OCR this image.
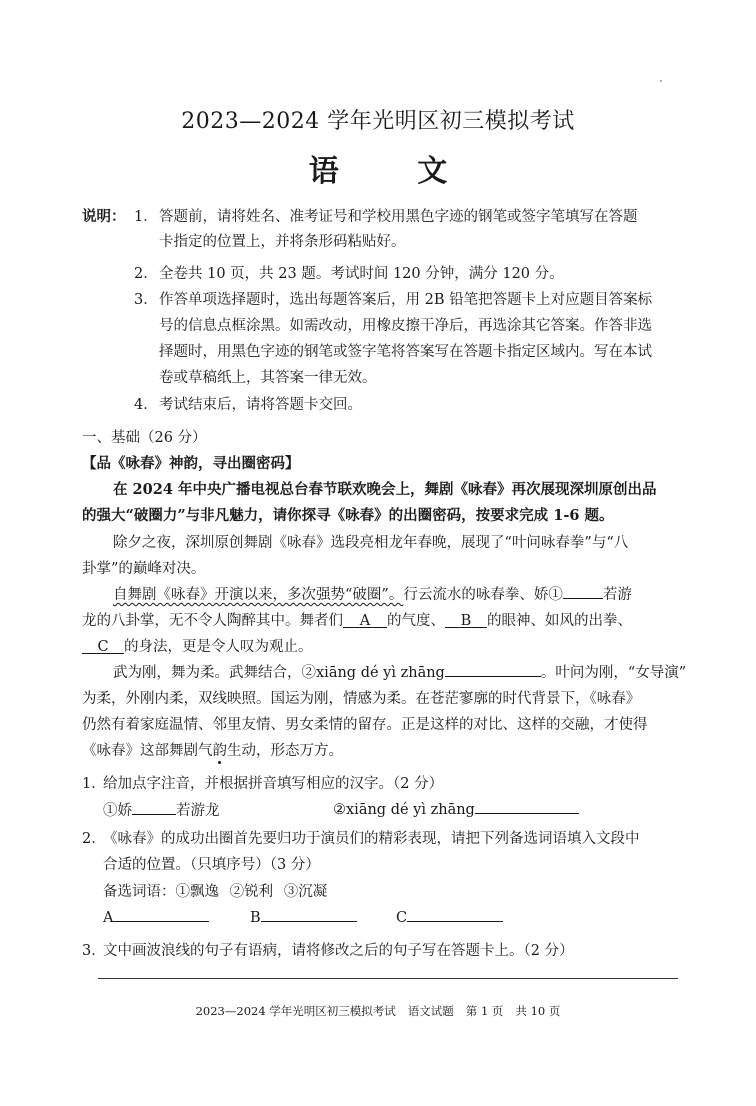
2023—2024 学年光明区初三模拟考试
语 文
说明： 1． 答题前，请将姓名、准考证号和学校用黑色字迹的钢笔或签字笔填写在答题
卡指定的位置上，并将条形码粘贴好。
2． 全卷共 10 页，共 23 题。考试时间 120 分钟，满分 120 分。
3． 作答单项选择题时，选出每题答案后，用 2B 铅笔把答题卡上对应题目答案标
号的信息点框涂黑。如需改动，用橡皮擦干净后，再选涂其它答案。作答非选
择题时，用黑色字迹的钢笔或签字笔将答案写在答题卡指定区域内。写在本试
卷或草稿纸上，其答案一律无效。
4． 考试结束后，请将答题卡交回。
一、基础（26 分）
【品《咏春》神韵，寻出圈密码】
在 2024 年中央广播电视总台春节联欢晚会上，舞剧《咏春》再次展现深圳原创出品
的强大“破圈力”与非凡魅力，请你探寻《咏春》的出圈密码，按要求完成 1-6 题。
除夕之夜，深圳原创舞剧《咏春》选段亮相龙年春晚，展现了“叶问咏春拳”与“八
卦掌”的巅峰对决。
自舞剧《咏春》开演以来，多次强势“破圈”。行云流水的咏春拳、娇①	若游
龙的八卦掌，无不令人陶醉其中。舞者们 A 的气度、 B 的眼神、如风的出拳、
C 的身法，更是令人叹为观止。
武为刚，舞为柔。武舞结合，②xiāng dé yì zhāng	。叶问为刚，“女导演”
为柔，外刚内柔，双线映照。国运为刚，情感为柔。在苍茫寥廓的时代背景下，《咏春》
仍然有着家庭温情、邻里友情、男女柔情的留存。正是这样的对比、这样的交融，才使得
《咏春》这部舞剧气韵生动，形态万方。
1．
给加点字注音，并根据拼音填写相应的汉字。（2 分）
①娇	若游龙	②xiāng dé yì zhāng
2．
《咏春》的成功出圈首先要归功于演员们的精彩表现，请把下列备选词语填入文段中
合适的位置。（只填序号）（3 分）
备选词语：①飘逸 ②锐利 ③沉凝
A	B	C
3．
文中画波浪线的句子有语病，请将修改之后的句子写在答题卡上。（2 分）
2023—2024 学年光明区初三模拟考试 语文试题 第 1 页 共 10 页
